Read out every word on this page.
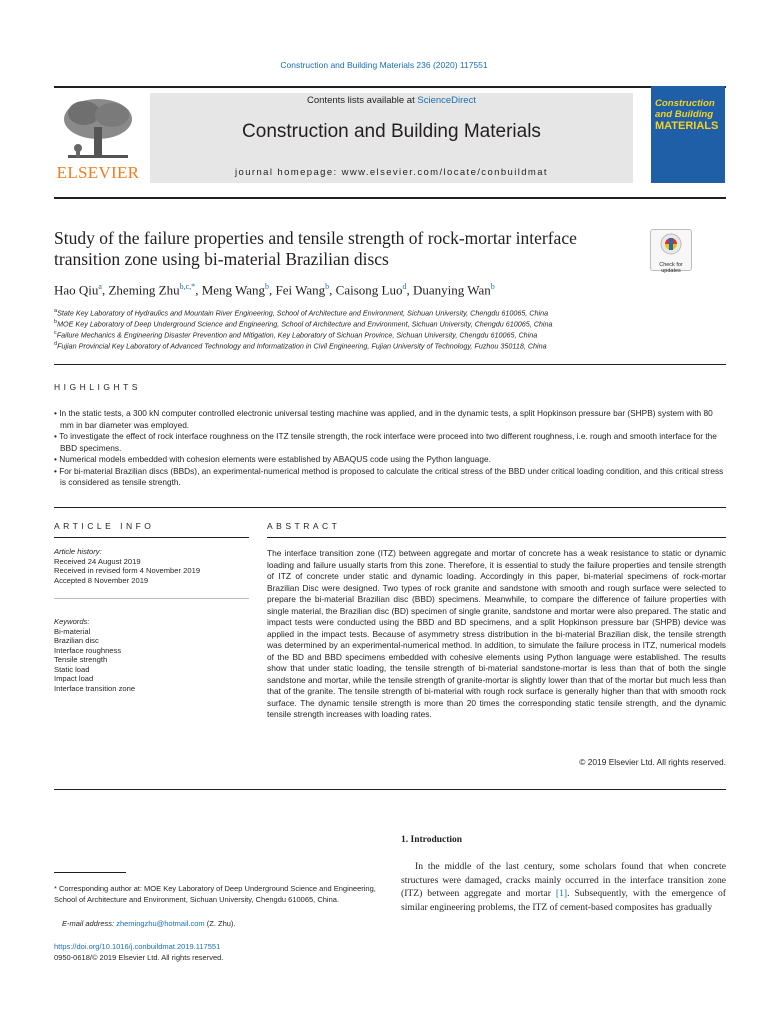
Construction and Building Materials 236 (2020) 117551
ELSEVIER
Contents lists available at ScienceDirect
Construction and Building Materials
journal homepage: www.elsevier.com/locate/conbuildmat
Construction and Building
MATERIALS
Study of the failure properties and tensile strength of rock-mortar interface transition zone using bi-material Brazilian discs	Check for updates
Hao Qiu$^a$, Zheming Zhu$^{b,c,*}$, Meng Wang$^b$, Fei Wang$^b$, Caisong Luo$^d$, Duanying Wan$^b$
$^a$State Key Laboratory of Hydraulics and Mountain River Engineering, School of Architecture and Environment, Sichuan University, Chengdu 610065, China
$^b$MOE Key Laboratory of Deep Underground Science and Engineering, School of Architecture and Environment, Sichuan University, Chengdu 610065, China
$^c$Failure Mechanics & Engineering Disaster Prevention and Mitigation, Key Laboratory of Sichuan Province, Sichuan University, Chengdu 610065, China
$^d$Fujian Provincial Key Laboratory of Advanced Technology and Informatization in Civil Engineering, Fujian University of Technology, Fuzhou 350118, China
HIGHLIGHTS
• In the static tests, a 300 kN computer controlled electronic universal testing machine was applied, and in the dynamic tests, a split Hopkinson pressure bar (SHPB) system with 80 mm in bar diameter was employed.
• To investigate the effect of rock interface roughness on the ITZ tensile strength, the rock interface were proceed into two different roughness, i.e. rough and smooth interface for the BBD specimens.
• Numerical models embedded with cohesion elements were established by ABAQUS code using the Python language.
• For bi-material Brazilian discs (BBDs), an experimental-numerical method is proposed to calculate the critical stress of the BBD under critical loading condition, and this critical stress is considered as tensile strength.
ARTICLE INFO	ABSTRACT
Article history:
Received 24 August 2019
Received in revised form 4 November 2019
Accepted 8 November 2019
Keywords:
Bi-material
Brazilian disc
Interface roughness
Tensile strength
Static load
Impact load
Interface transition zone
The interface transition zone (ITZ) between aggregate and mortar of concrete has a weak resistance to static or dynamic loading and failure usually starts from this zone. Therefore, it is essential to study the failure properties and tensile strength of ITZ of concrete under static and dynamic loading. Accordingly in this paper, bi-material specimens of rock-mortar Brazilian Disc were designed. Two types of rock granite and sandstone with smooth and rough surface were selected to prepare the bi-material Brazilian disc (BBD) specimens. Meanwhile, to compare the difference of failure properties with single material, the Brazilian disc (BD) specimen of single granite, sandstone and mortar were also prepared. The static and impact tests were conducted using the BBD and BD specimens, and a split Hopkinson pressure bar (SHPB) device was applied in the impact tests. Because of asymmetry stress distribution in the bi-material Brazilian disk, the tensile strength was determined by an experimental-numerical method. In addition, to simulate the failure process in ITZ, numerical models of the BD and BBD specimens embedded with cohesive elements using Python language were established. The results show that under static loading, the tensile strength of bi-material sandstone-mortar is less than that of both the single sandstone and mortar, while the tensile strength of granite-mortar is slightly lower than that of the mortar but much less than that of the granite. The tensile strength of bi-material with rough rock surface is generally higher than that with smooth rock surface. The dynamic tensile strength is more than 20 times the corresponding static tensile strength, and the dynamic tensile strength increases with loading rates.
© 2019 Elsevier Ltd. All rights reserved.
1. Introduction
In the middle of the last century, some scholars found that when concrete structures were damaged, cracks mainly occurred in the interface transition zone (ITZ) between aggregate and mortar [1]. Subsequently, with the emergence of similar engineering problems, the ITZ of cement-based composites has gradually
* Corresponding author at: MOE Key Laboratory of Deep Underground Science and Engineering, School of Architecture and Environment, Sichuan University, Chengdu 610065, China.
E-mail address: zhemingzhu@hotmail.com (Z. Zhu).
https://doi.org/10.1016/j.conbuildmat.2019.117551
0950-0618/© 2019 Elsevier Ltd. All rights reserved.
